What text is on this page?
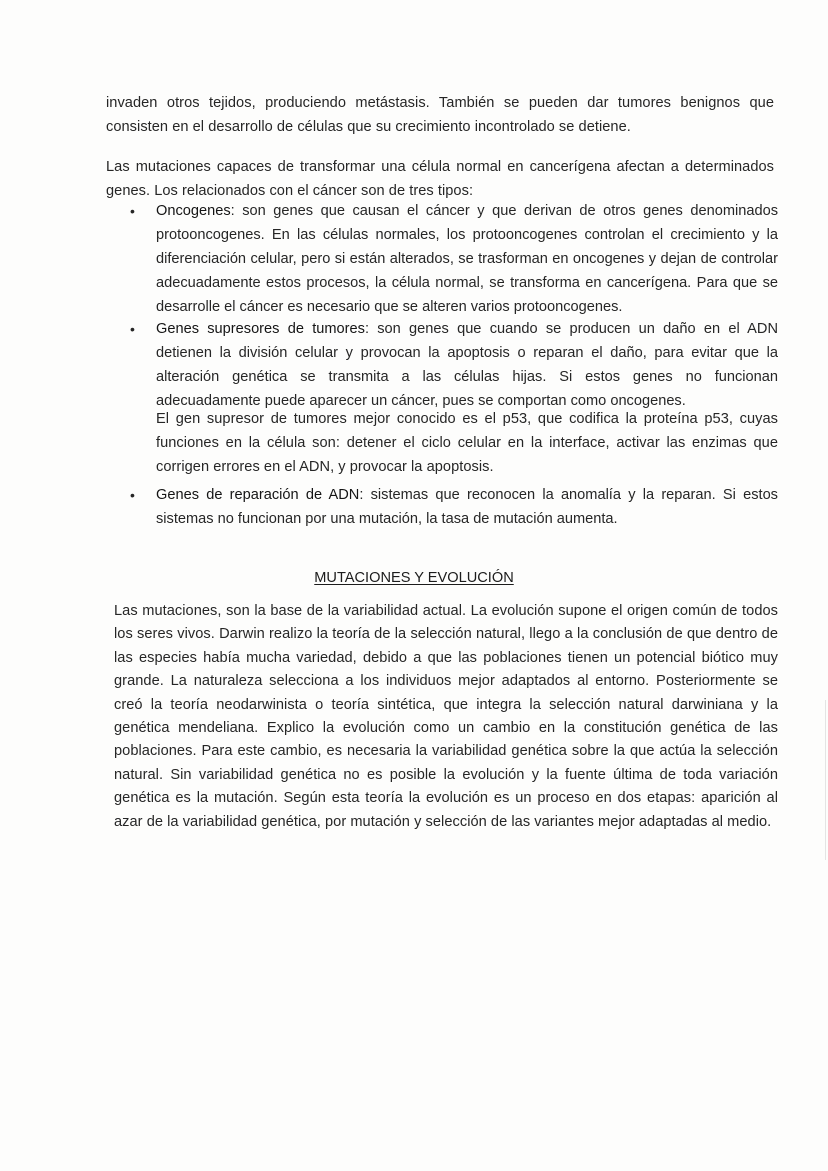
invaden otros tejidos, produciendo metástasis. También se pueden dar tumores benignos que consisten en el desarrollo de células que su crecimiento incontrolado se detiene.

Las mutaciones capaces de transformar una célula normal en cancerígena afectan a determinados genes. Los relacionados con el cáncer son de tres tipos:

• Oncogenes: son genes que causan el cáncer y que derivan de otros genes denominados protooncogenes. En las células normales, los protooncogenes controlan el crecimiento y la diferenciación celular, pero si están alterados, se trasforman en oncogenes y dejan de controlar adecuadamente estos procesos, la célula normal, se transforma en cancerígena. Para que se desarrolle el cáncer es necesario que se alteren varios protooncogenes.
• Genes supresores de tumores: son genes que cuando se producen un daño en el ADN detienen la división celular y provocan la apoptosis o reparan el daño, para evitar que la alteración genética se transmita a las células hijas. Si estos genes no funcionan adecuadamente puede aparecer un cáncer, pues se comportan como oncogenes.

El gen supresor de tumores mejor conocido es el p53, que codifica la proteína p53, cuyas funciones en la célula son: detener el ciclo celular en la interface, activar las enzimas que corrigen errores en el ADN, y provocar la apoptosis.

• Genes de reparación de ADN: sistemas que reconocen la anomalía y la reparan. Si estos sistemas no funcionan por una mutación, la tasa de mutación aumenta.
MUTACIONES Y EVOLUCIÓN

Las mutaciones, son la base de la variabilidad actual. La evolución supone el origen común de todos los seres vivos. Darwin realizo la teoría de la selección natural, llego a la conclusión de que dentro de las especies había mucha variedad, debido a que las poblaciones tienen un potencial biótico muy grande. La naturaleza selecciona a los individuos mejor adaptados al entorno. Posteriormente se creó la teoría neodarwinista o teoría sintética, que integra la selección natural darwiniana y la genética mendeliana. Explico la evolución como un cambio en la constitución genética de las poblaciones. Para este cambio, es necesaria la variabilidad genética sobre la que actúa la selección natural. Sin variabilidad genética no es posible la evolución y la fuente última de toda variación genética es la mutación. Según esta teoría la evolución es un proceso en dos etapas: aparición al azar de la variabilidad genética, por mutación y selección de las variantes mejor adaptadas al medio.
